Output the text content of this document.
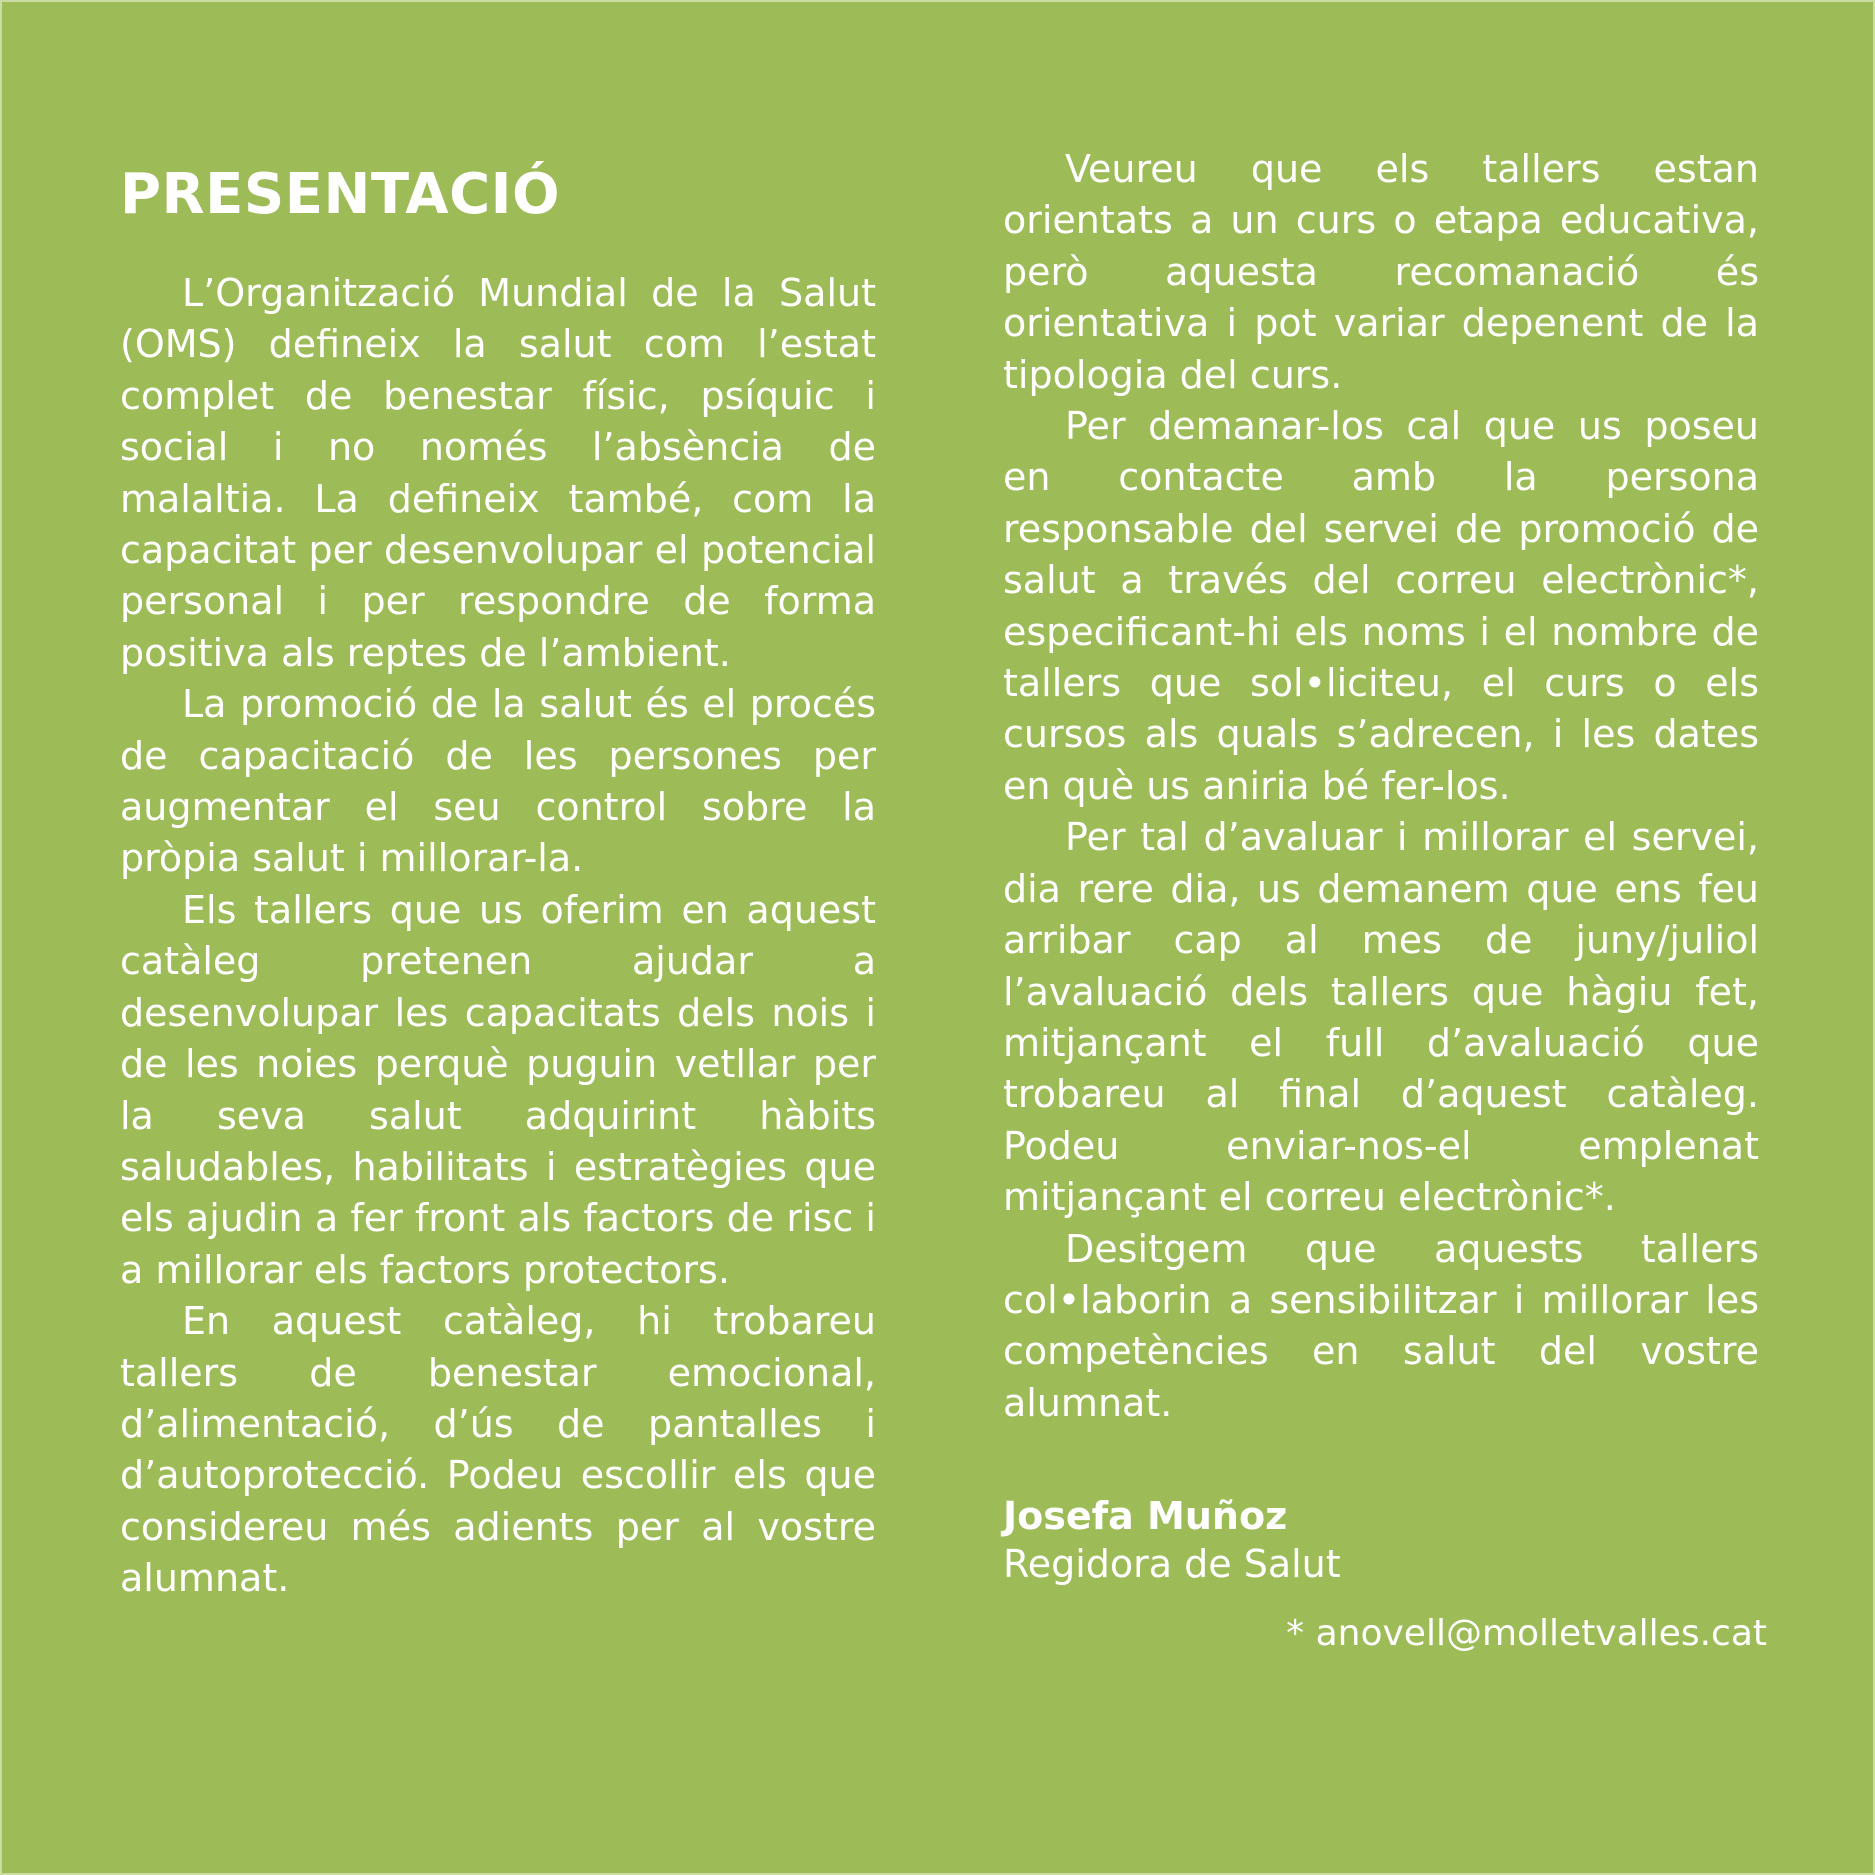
PRESENTACIÓ

L’Organització Mundial de la Salut (OMS) defineix la salut com l’estat complet de benestar físic, psíquic i social i no només l’absència de malaltia. La defineix també, com la capacitat per desenvolupar el potencial personal i per respondre de forma positiva als reptes de l’ambient.

La promoció de la salut és el procés de capacitació de les persones per augmentar el seu control sobre la pròpia salut i millorar-la.

Els tallers que us oferim en aquest catàleg pretenen ajudar a desenvolupar les capacitats dels nois i de les noies perquè puguin vetllar per la seva salut adquirint hàbits saludables, habilitats i estratègies que els ajudin a fer front als factors de risc i a millorar els factors protectors.

En aquest catàleg, hi trobareu tallers de benestar emocional, d’alimentació, d’ús de pantalles i d’autoprotecció. Podeu escollir els que considereu més adients per al vostre alumnat.

Veureu que els tallers estan orientats a un curs o etapa educativa, però aquesta recomanació és orientativa i pot variar depenent de la tipologia del curs.

Per demanar-los cal que us poseu en contacte amb la persona responsable del servei de promoció de salut a través del correu electrònic*, especificant-hi els noms i el nombre de tallers que sol•liciteu, el curs o els cursos als quals s’adrecen, i les dates en què us aniria bé fer-los.

Per tal d’avaluar i millorar el servei, dia rere dia, us demanem que ens feu arribar cap al mes de juny/juliol l’avaluació dels tallers que hàgiu fet, mitjançant el full d’avaluació que trobareu al final d’aquest catàleg. Podeu enviar-nos-el emplenat mitjançant el correu electrònic*.

Desitgem que aquests tallers col•laborin a sensibilitzar i millorar les competències en salut del vostre alumnat.

Josefa Muñoz
Regidora de Salut
* anovell@molletvalles.cat
